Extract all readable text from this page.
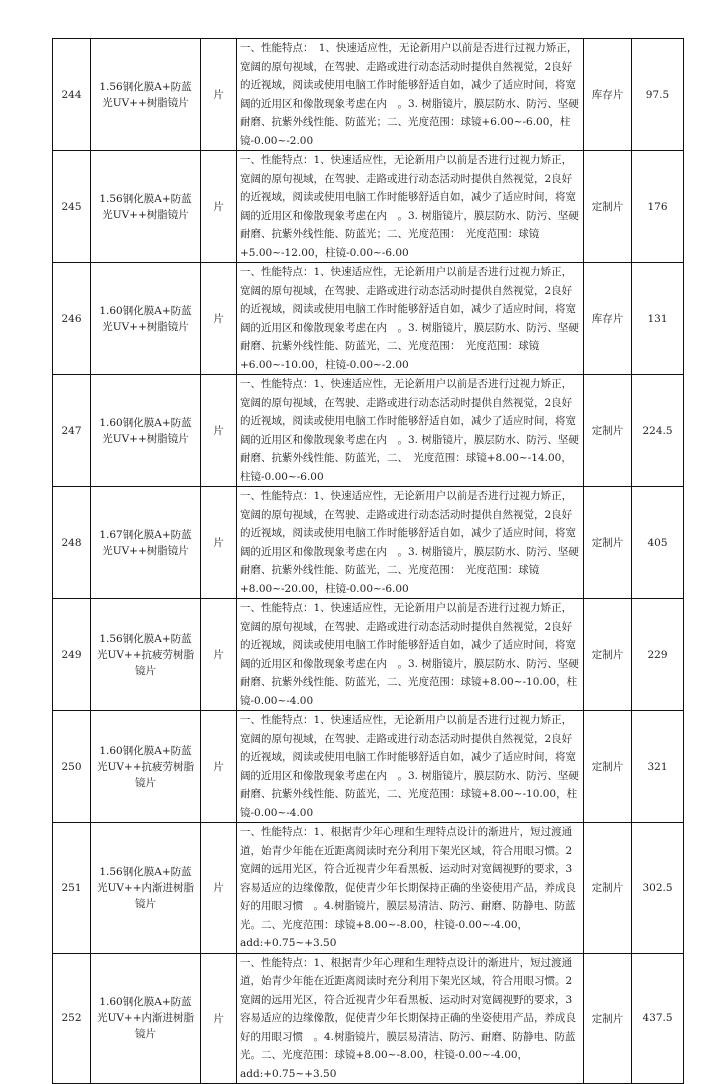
244	1.56钢化膜A+防蓝光UV++树脂镜片	片	一、性能特点：　1、快速适应性，无论新用户以前是否进行过视力矫正，宽阔的原句视域，在驾驶、走路或进行动态活动时提供自然视觉，2良好的近视域，阅读或使用电脑工作时能够舒适自如，减少了适应时间，将宽阔的近用区和像散现象考虑在内　。3. 树脂镜片，膜层防水、防污、坚硬耐磨、抗紫外线性能、防蓝光；二、光度范围：球镜+6.00~-6.00，柱镜-0.00~-2.00	库存片	97.5
245	1.56钢化膜A+防蓝光UV++树脂镜片	片	一、性能特点：1、快速适应性，无论新用户以前是否进行过视力矫正，宽阔的原句视域，在驾驶、走路或进行动态活动时提供自然视觉，2良好的近视域，阅读或使用电脑工作时能够舒适自如，减少了适应时间，将宽阔的近用区和像散现象考虑在内　。3. 树脂镜片，膜层防水、防污、坚硬耐磨、抗紫外线性能、防蓝光；二、光度范围：　光度范围：球镜+5.00~-12.00，柱镜-0.00~-6.00	定制片	176
246	1.60钢化膜A+防蓝光UV++树脂镜片	片	一、性能特点：1、快速适应性，无论新用户以前是否进行过视力矫正，宽阔的原句视域，在驾驶、走路或进行动态活动时提供自然视觉，2良好的近视域，阅读或使用电脑工作时能够舒适自如，减少了适应时间，将宽阔的近用区和像散现象考虑在内　。3. 树脂镜片，膜层防水、防污、坚硬耐磨、抗紫外线性能、防蓝光，二、光度范围：　光度范围：球镜+6.00~-10.00，柱镜-0.00~-2.00	库存片	131
247	1.60钢化膜A+防蓝光UV++树脂镜片	片	一、性能特点：1、快速适应性，无论新用户以前是否进行过视力矫正，宽阔的原句视域，在驾驶、走路或进行动态活动时提供自然视觉，2良好的近视域，阅读或使用电脑工作时能够舒适自如，减少了适应时间，将宽阔的近用区和像散现象考虑在内　。3. 树脂镜片，膜层防水、防污、坚硬耐磨、抗紫外线性能、防蓝光，二、　光度范围：球镜+8.00~-14.00，柱镜-0.00~-6.00	定制片	224.5
248	1.67钢化膜A+防蓝光UV++树脂镜片	片	一、性能特点：1、快速适应性，无论新用户以前是否进行过视力矫正，宽阔的原句视域，在驾驶、走路或进行动态活动时提供自然视觉，2良好的近视域，阅读或使用电脑工作时能够舒适自如，减少了适应时间，将宽阔的近用区和像散现象考虑在内　。3. 树脂镜片，膜层防水、防污、坚硬耐磨、抗紫外线性能、防蓝光，二、光度范围：　光度范围：球镜+8.00~-20.00，柱镜-0.00~-6.00	定制片	405
249	1.56钢化膜A+防蓝光UV++抗疲劳树脂镜片	片	一、性能特点：1、快速适应性，无论新用户以前是否进行过视力矫正，宽阔的原句视域，在驾驶、走路或进行动态活动时提供自然视觉，2良好的近视域，阅读或使用电脑工作时能够舒适自如，减少了适应时间，将宽阔的近用区和像散现象考虑在内　。3. 树脂镜片，膜层防水、防污、坚硬耐磨、抗紫外线性能、防蓝光，二、光度范围：球镜+8.00~-10.00，柱镜-0.00~-4.00	定制片	229
250	1.60钢化膜A+防蓝光UV++抗疲劳树脂镜片	片	一、性能特点：1、快速适应性，无论新用户以前是否进行过视力矫正，宽阔的原句视域，在驾驶、走路或进行动态活动时提供自然视觉，2良好的近视域，阅读或使用电脑工作时能够舒适自如，减少了适应时间，将宽阔的近用区和像散现象考虑在内　。3. 树脂镜片，膜层防水、防污、坚硬耐磨、抗紫外线性能、防蓝光，二、光度范围：球镜+8.00~-10.00，柱镜-0.00~-4.00	定制片	321
251	1.56钢化膜A+防蓝光UV++内渐进树脂镜片	片	一、性能特点：1、根据青少年心理和生理特点设计的渐进片，短过渡通道，始青少年能在近距离阅读时充分利用下架光区域，符合用眼习惯。2宽阔的远用光区，符合近视青少年看黑板、运动时对宽阔视野的要求，3容易适应的边缘像散，促使青少年长期保持正确的坐姿使用产品，养成良好的用眼习惯　。4.树脂镜片，膜层易清洁、防污、耐磨、防静电、防蓝光。二、光度范围：球镜+8.00~-8.00，柱镜-0.00~-4.00，add:+0.75~+3.50	定制片	302.5
252	1.60钢化膜A+防蓝光UV++内渐进树脂镜片	片	一、性能特点：1、根据青少年心理和生理特点设计的渐进片，短过渡通道，始青少年能在近距离阅读时充分利用下架光区域，符合用眼习惯。2宽阔的远用光区，符合近视青少年看黑板、运动时对宽阔视野的要求，3容易适应的边缘像散，促使青少年长期保持正确的坐姿使用产品，养成良好的用眼习惯　。4.树脂镜片，膜层易清洁、防污、耐磨、防静电、防蓝光。二、光度范围：球镜+8.00~-8.00，柱镜-0.00~-4.00，add:+0.75~+3.50	定制片	437.5
